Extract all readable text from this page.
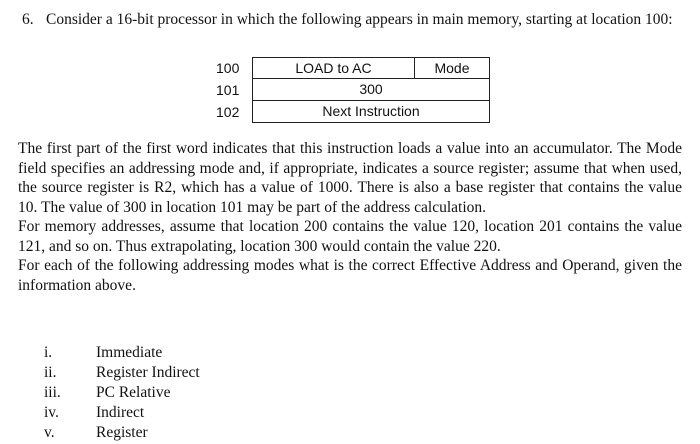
6. Consider a 16-bit processor in which the following appears in main memory, starting at location 100:
100	LOAD to AC	Mode
101	300
102	Next Instruction

The first part of the first word indicates that this instruction loads a value into an accumulator. The Mode field specifies an addressing mode and, if appropriate, indicates a source register; assume that when used, the source register is R2, which has a value of 1000. There is also a base register that contains the value 10. The value of 300 in location 101 may be part of the address calculation.

For memory addresses, assume that location 200 contains the value 120, location 201 contains the value 121, and so on. Thus extrapolating, location 300 would contain the value 220.

For each of the following addressing modes what is the correct Effective Address and Operand, given the information above.

i.	Immediate
ii.	Register Indirect
iii.	PC Relative
iv.	Indirect
v.	Register
